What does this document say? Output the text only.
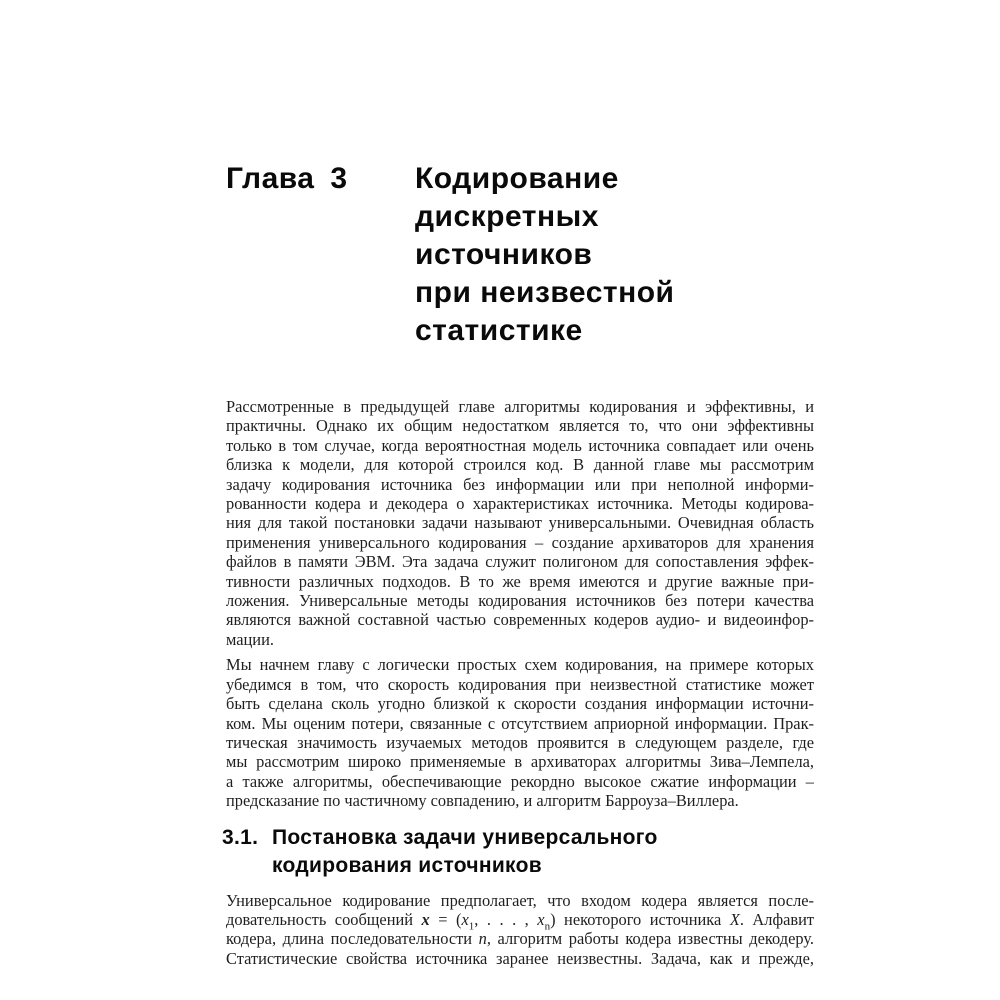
Глава 3	Кодирование
дискретных
источников
при неизвестной
статистике

Рассмотренные в предыдущей главе алгоритмы кодирования и эффективны, и
практичны. Однако их общим недостатком является то, что они эффективны
только в том случае, когда вероятностная модель источника совпадает или очень
близка к модели, для которой строился код. В данной главе мы рассмотрим
задачу кодирования источника без информации или при неполной информи-
рованности кодера и декодера о характеристиках источника. Методы кодирова-
ния для такой постановки задачи называют универсальными. Очевидная область
применения универсального кодирования – создание архиваторов для хранения
файлов в памяти ЭВМ. Эта задача служит полигоном для сопоставления эффек-
тивности различных подходов. В то же время имеются и другие важные при-
ложения. Универсальные методы кодирования источников без потери качества
являются важной составной частью современных кодеров аудио- и видеоинфор-
мации.

Мы начнем главу с логически простых схем кодирования, на примере которых
убедимся в том, что скорость кодирования при неизвестной статистике может
быть сделана сколь угодно близкой к скорости создания информации источни-
ком. Мы оценим потери, связанные с отсутствием априорной информации. Прак-
тическая значимость изучаемых методов проявится в следующем разделе, где
мы рассмотрим широко применяемые в архиваторах алгоритмы Зива–Лемпела,
а также алгоритмы, обеспечивающие рекордно высокое сжатие информации –
предсказание по частичному совпадению, и алгоритм Барроуза–Виллера.

3.1. Постановка задачи универсального
кодирования источников

Универсальное кодирование предполагает, что входом кодера является после-
довательность сообщений $x = (x_1$, . . . , $x_n$) некоторого источника X. Алфавит
кодера, длина последовательности n, алгоритм работы кодера известны декодеру.
Статистические свойства источника заранее неизвестны. Задача, как и прежде,
